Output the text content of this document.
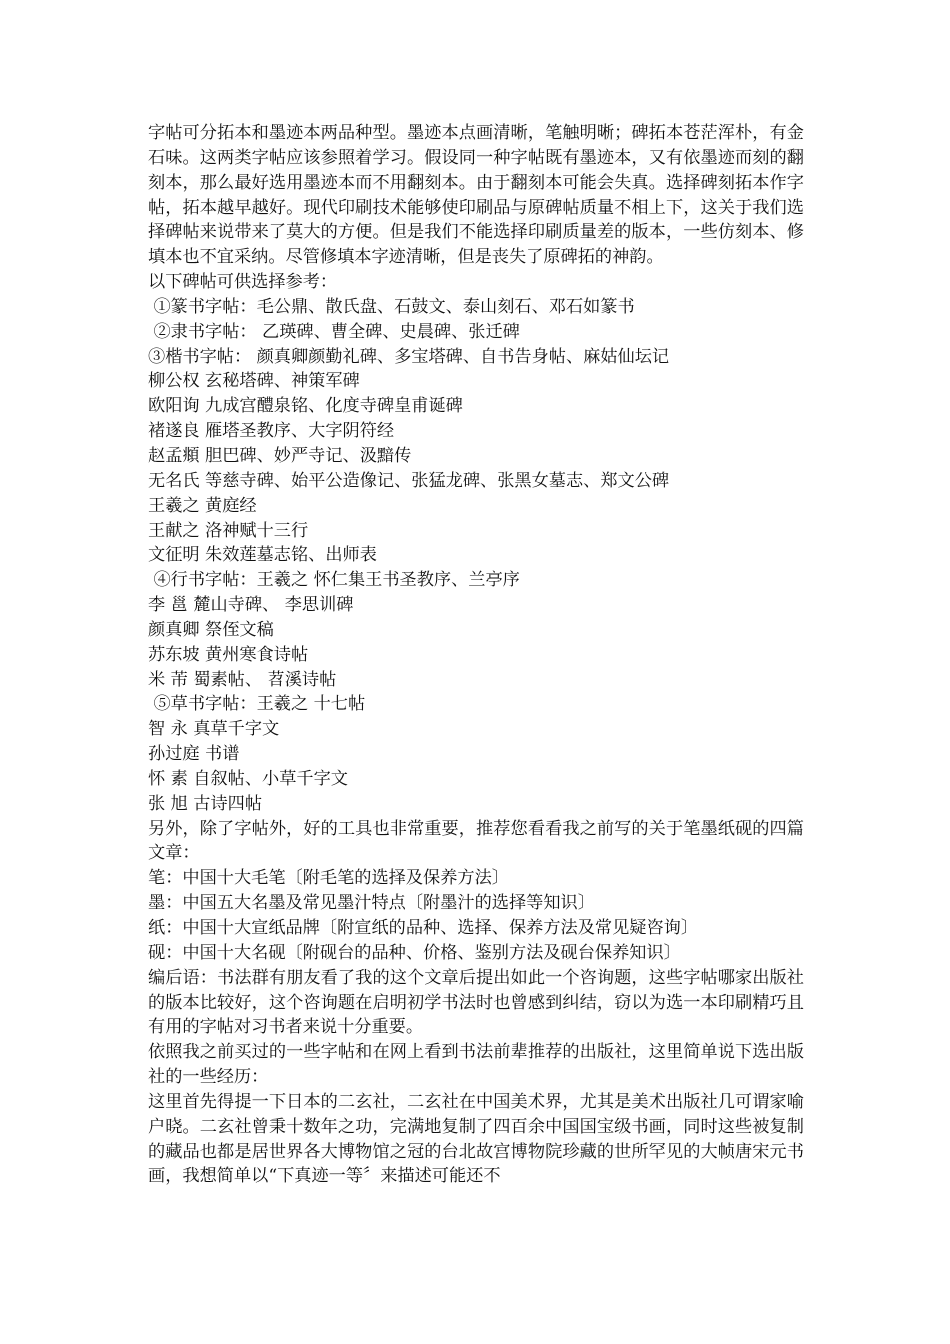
字帖可分拓本和墨迹本两品种型。墨迹本点画清晰，笔触明晰；碑拓本苍茫浑朴，有金石味。这两类字帖应该参照着学习。假设同一种字帖既有墨迹本，又有依墨迹而刻的翻刻本，那么最好选用墨迹本而不用翻刻本。由于翻刻本可能会失真。选择碑刻拓本作字帖，拓本越早越好。现代印刷技术能够使印刷品与原碑帖质量不相上下，这关于我们选择碑帖来说带来了莫大的方便。但是我们不能选择印刷质量差的版本，一些仿刻本、修填本也不宜采纳。尽管修填本字迹清晰，但是丧失了原碑拓的神韵。

以下碑帖可供选择参考：

①篆书字帖：毛公鼎、散氏盘、石鼓文、泰山刻石、邓石如篆书

②隶书字帖： 乙瑛碑、曹全碑、史晨碑、张迁碑

③楷书字帖： 颜真卿颜勤礼碑、多宝塔碑、自书告身帖、麻姑仙坛记

柳公权 玄秘塔碑、神策军碑

欧阳询 九成宫醴泉铭、化度寺碑皇甫诞碑

褚遂良 雁塔圣教序、大字阴符经

赵孟頫 胆巴碑、妙严寺记、汲黯传

无名氏 等慈寺碑、始平公造像记、张猛龙碑、张黑女墓志、郑文公碑

王羲之 黄庭经

王献之 洛神赋十三行

文征明 朱效莲墓志铭、出师表

④行书字帖：王羲之 怀仁集王书圣教序、兰亭序

李 邕 麓山寺碑、 李思训碑

颜真卿 祭侄文稿

苏东坡 黄州寒食诗帖

米 芾 蜀素帖、 苕溪诗帖

⑤草书字帖：王羲之 十七帖

智 永 真草千字文

孙过庭 书谱

怀 素 自叙帖、小草千字文

张 旭 古诗四帖

另外，除了字帖外，好的工具也非常重要，推荐您看看我之前写的关于笔墨纸砚的四篇文章：

笔：中国十大毛笔〔附毛笔的选择及保养方法〕

墨：中国五大名墨及常见墨汁特点〔附墨汁的选择等知识〕

纸：中国十大宣纸品牌〔附宣纸的品种、选择、保养方法及常见疑咨询〕

砚：中国十大名砚〔附砚台的品种、价格、鉴别方法及砚台保养知识〕

编后语：书法群有朋友看了我的这个文章后提出如此一个咨询题，这些字帖哪家出版社的版本比较好，这个咨询题在启明初学书法时也曾感到纠结，窃以为选一本印刷精巧且有用的字帖对习书者来说十分重要。

依照我之前买过的一些字帖和在网上看到书法前辈推荐的出版社，这里简单说下选出版社的一些经历：

这里首先得提一下日本的二玄社，二玄社在中国美术界，尤其是美术出版社几可谓家喻户晓。二玄社曾秉十数年之功，完满地复制了四百余中国国宝级书画，同时这些被复制的藏品也都是居世界各大博物馆之冠的台北故宫博物院珍藏的世所罕见的大帧唐宋元书画，我想简单以“下真迹一等〞来描述可能还不
